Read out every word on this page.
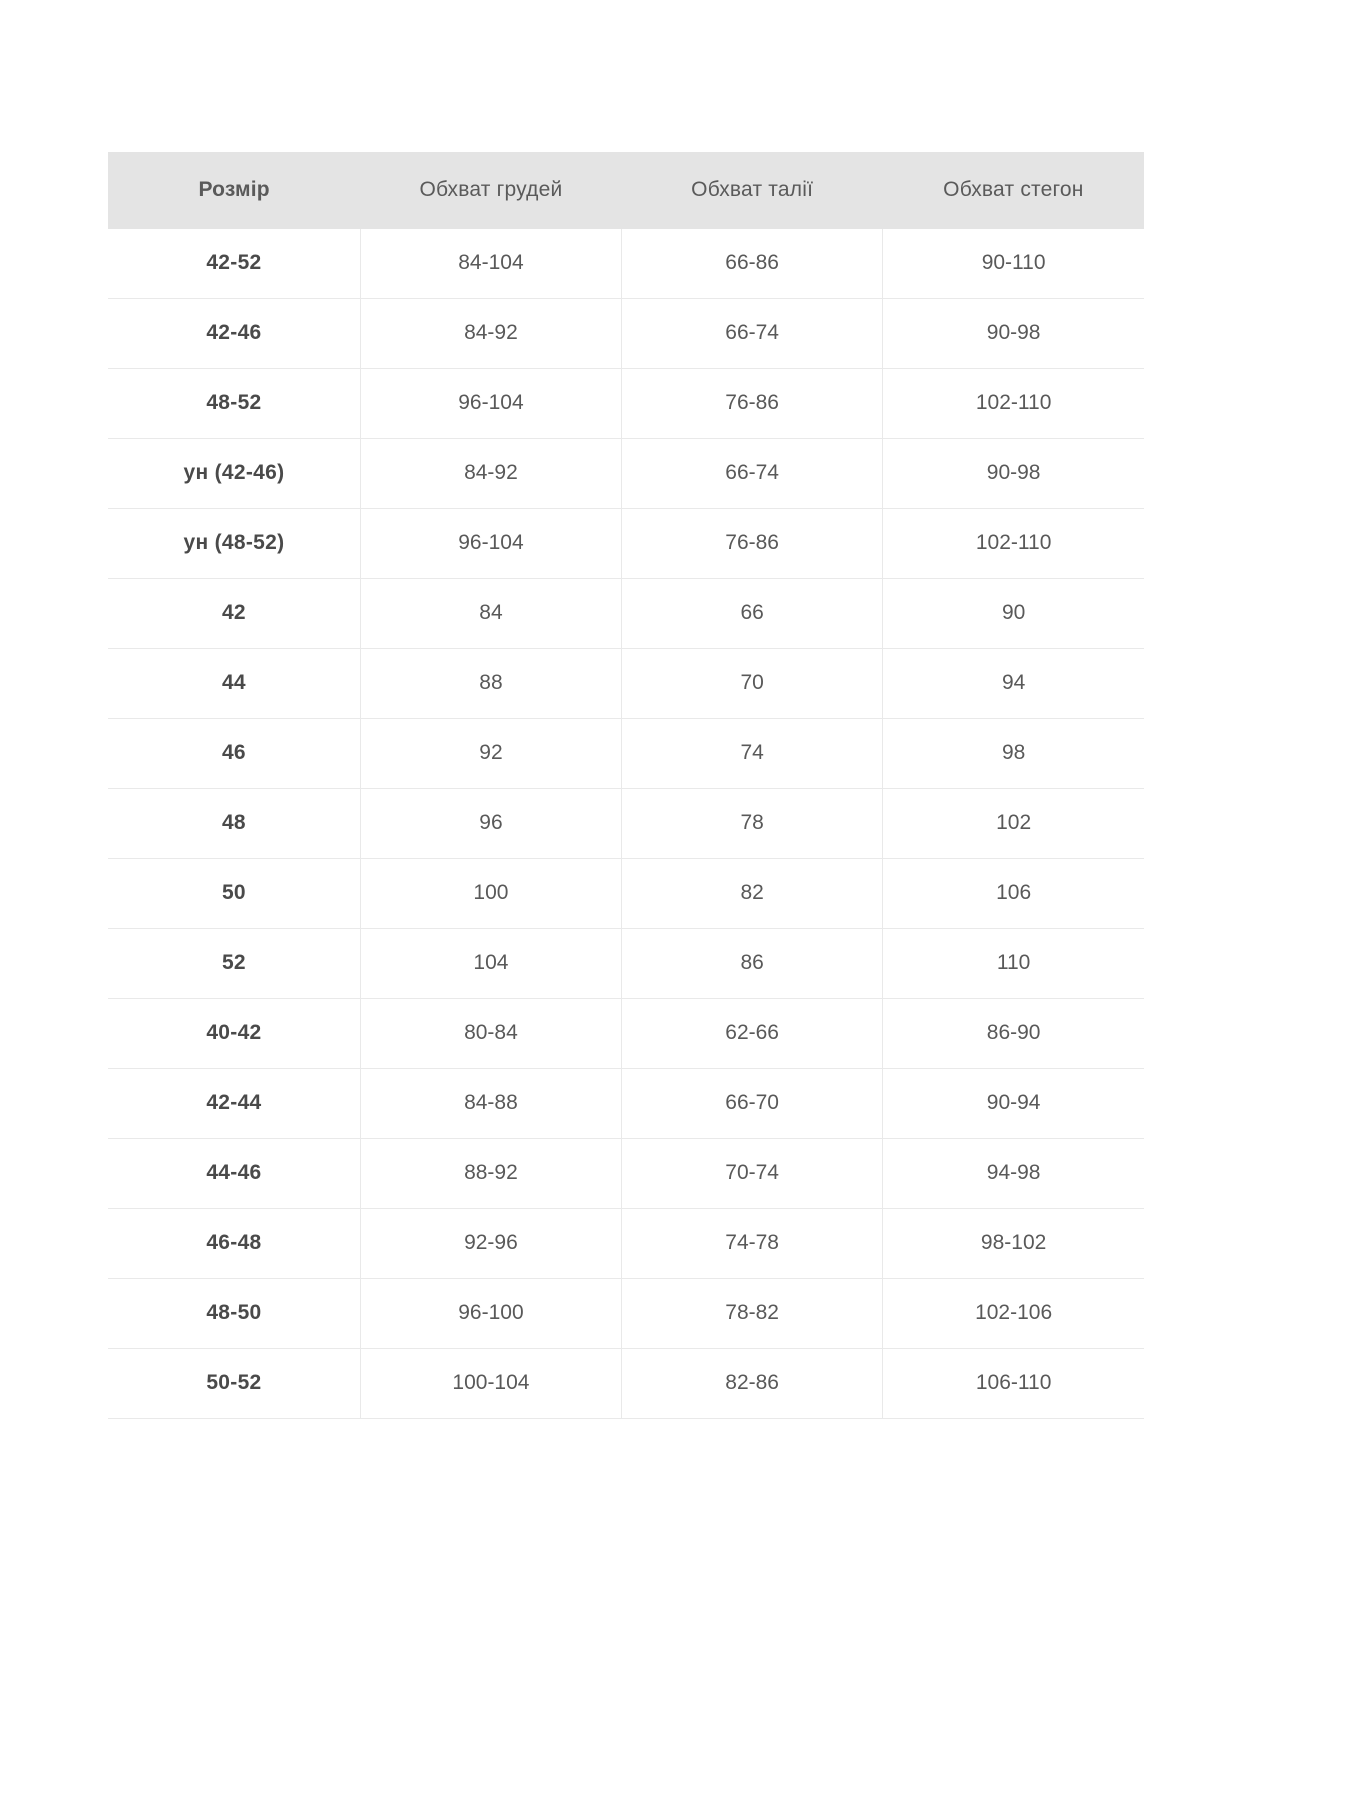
Розмір	Обхват грудей	Обхват талії	Обхват стегон
42-52	84-104	66-86	90-110
42-46	84-92	66-74	90-98
48-52	96-104	76-86	102-110
ун (42-46)	84-92	66-74	90-98
ун (48-52)	96-104	76-86	102-110
42	84	66	90
44	88	70	94
46	92	74	98
48	96	78	102
50	100	82	106
52	104	86	110
40-42	80-84	62-66	86-90
42-44	84-88	66-70	90-94
44-46	88-92	70-74	94-98
46-48	92-96	74-78	98-102
48-50	96-100	78-82	102-106
50-52	100-104	82-86	106-110
